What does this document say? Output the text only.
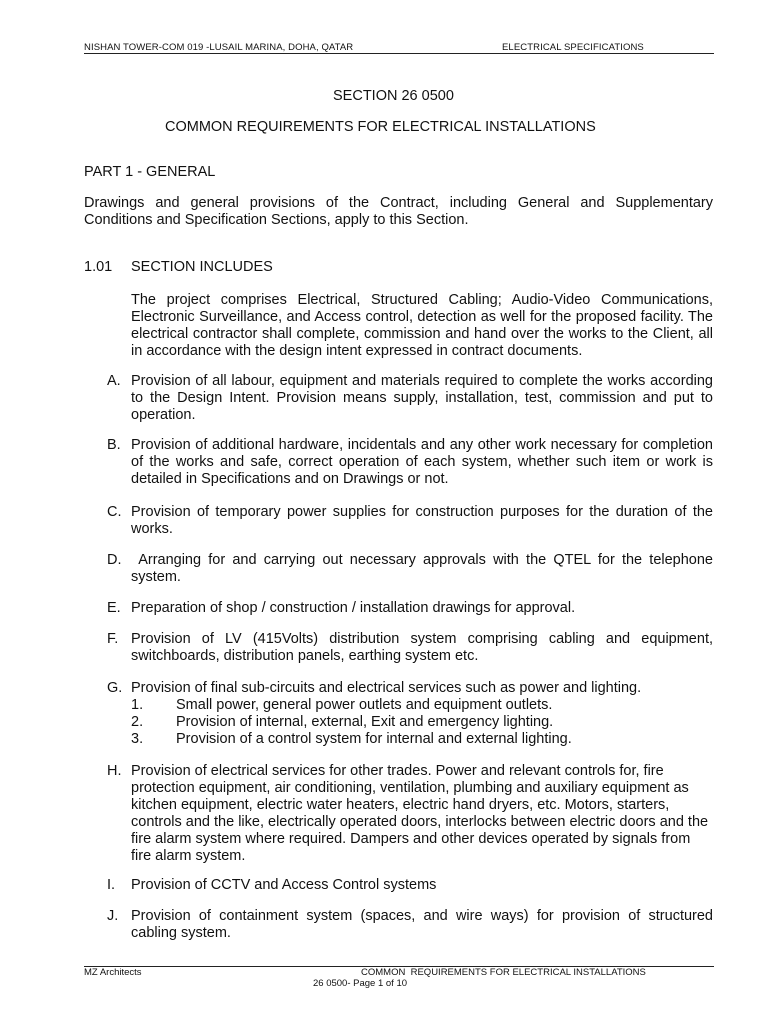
NISHAN TOWER-COM 019 -LUSAIL MARINA, DOHA, QATAR	ELECTRICAL SPECIFICATIONS
SECTION 26 0500
COMMON REQUIREMENTS FOR ELECTRICAL INSTALLATIONS
PART 1 - GENERAL
Drawings and general provisions of the Contract, including General and Supplementary Conditions and Specification Sections, apply to this Section.
1.01 SECTION INCLUDES
The project comprises Electrical, Structured Cabling; Audio-Video Communications, Electronic Surveillance, and Access control, detection as well for the proposed facility. The electrical contractor shall complete, commission and hand over the works to the Client, all in accordance with the design intent expressed in contract documents.
A. Provision of all labour, equipment and materials required to complete the works according to the Design Intent. Provision means supply, installation, test, commission and put to operation.
B. Provision of additional hardware, incidentals and any other work necessary for completion of the works and safe, correct operation of each system, whether such item or work is detailed in Specifications and on Drawings or not.
C. Provision of temporary power supplies for construction purposes for the duration of the works.
D. Arranging for and carrying out necessary approvals with the QTEL for the telephone system.
E. Preparation of shop / construction / installation drawings for approval.
F. Provision of LV (415Volts) distribution system comprising cabling and equipment, switchboards, distribution panels, earthing system etc.
G. Provision of final sub-circuits and electrical services such as power and lighting.
1. Small power, general power outlets and equipment outlets.
2. Provision of internal, external, Exit and emergency lighting.
3. Provision of a control system for internal and external lighting.
H. Provision of electrical services for other trades. Power and relevant controls for, fire protection equipment, air conditioning, ventilation, plumbing and auxiliary equipment as  kitchen equipment, electric water heaters, electric hand dryers, etc. Motors, starters, controls and the like, electrically operated doors, interlocks between electric doors and the fire alarm system where required. Dampers and other devices operated by signals from fire alarm system.
I. Provision of CCTV and Access Control systems
J. Provision of containment system (spaces, and wire ways) for provision of structured cabling system.
MZ Architects	COMMON  REQUIREMENTS FOR ELECTRICAL INSTALLATIONS
26 0500- Page 1 of 10
